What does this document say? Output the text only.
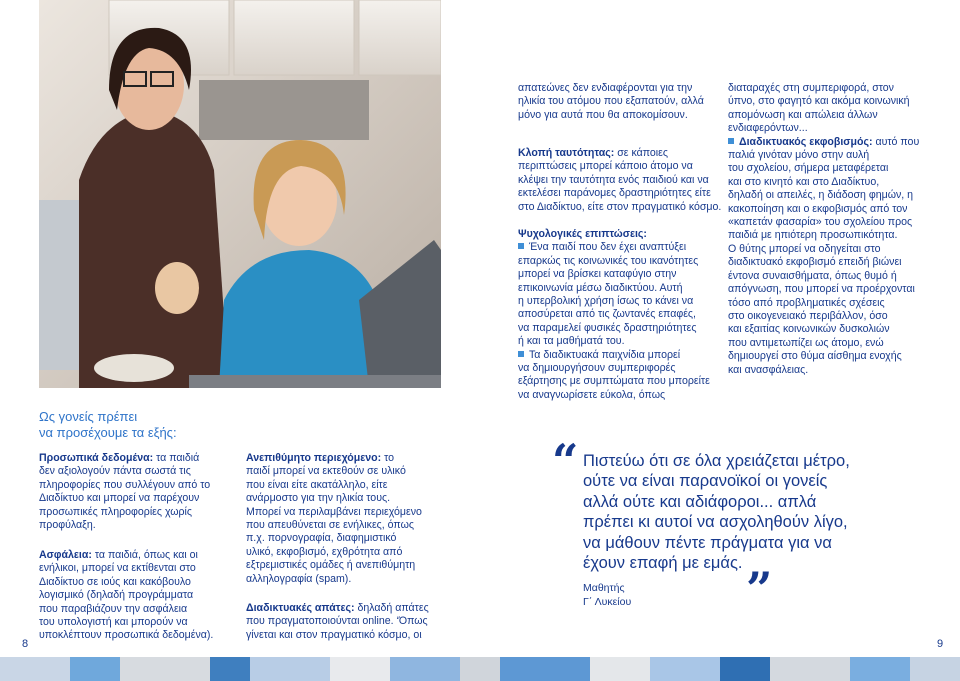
Ως γονείς πρέπει
να προσέχουμε τα εξής:
Προσωπικά δεδομένα: τα παιδιά
δεν αξιολογούν πάντα σωστά τις
πληροφορίες που συλλέγουν από το
Διαδίκτυο και μπορεί να παρέχουν
προσωπικές πληροφορίες χωρίς
προφύλαξη.
Ασφάλεια: τα παιδιά, όπως και οι
ενήλικοι, μπορεί να εκτίθενται στο
Διαδίκτυο σε ιούς και κακόβουλο
λογισμικό (δηλαδή προγράμματα
που παραβιάζουν την ασφάλεια
του υπολογιστή και μπορούν να
υποκλέπτουν προσωπικά δεδομένα).
Ανεπιθύμητο περιεχόμενο: το
παιδί μπορεί να εκτεθούν σε υλικό
που είναι είτε ακατάλληλο, είτε
ανάρμοστο για την ηλικία τους.
Μπορεί να περιλαμβάνει περιεχόμενο
που απευθύνεται σε ενήλικες, όπως
π.χ. πορνογραφία, διαφημιστικό
υλικό, εκφοβισμό, εχθρότητα από
εξτρεμιστικές ομάδες ή ανεπιθύμητη
αλληλογραφία (spam).
Διαδικτυακές απάτες: δηλαδή απάτες
που πραγματοποιούνται online. ‘Όπως
γίνεται και στον πραγματικό κόσμο, οι
απατεώνες δεν ενδιαφέρονται για την
ηλικία του ατόμου που εξαπατούν, αλλά
μόνο για αυτά που θα αποκομίσουν.
Κλοπή ταυτότητας: σε κάποιες
περιπτώσεις μπορεί κάποιο άτομο να
κλέψει την ταυτότητα ενός παιδιού και να
εκτελέσει παράνομες δραστηριότητες είτε
στο Διαδίκτυο, είτε στον πραγματικό κόσμο.
Ψυχολογικές επιπτώσεις:
Ένα παιδί που δεν έχει αναπτύξει
επαρκώς τις κοινωνικές του ικανότητες
μπορεί να βρίσκει καταφύγιο στην
επικοινωνία μέσω διαδικτύου. Αυτή
η υπερβολική χρήση ίσως το κάνει να
αποσύρεται από τις ζωντανές επαφές,
να παραμελεί φυσικές δραστηριότητες
ή και τα μαθήματά του.
Τα διαδικτυακά παιχνίδια μπορεί
να δημιουργήσουν συμπεριφορές
εξάρτησης με συμπτώματα που μπορείτε
να αναγνωρίσετε εύκολα, όπως
διαταραχές στη συμπεριφορά, στον
ύπνο, στο φαγητό και ακόμα κοινωνική
απομόνωση και απώλεια άλλων
ενδιαφερόντων...
Διαδικτυακός εκφοβισμός: αυτό που
παλιά γινόταν μόνο στην αυλή
του σχολείου, σήμερα μεταφέρεται
και στο κινητό και στο Διαδίκτυο,
δηλαδή οι απειλές, η διάδοση φημών, η
κακοποίηση και ο εκφοβισμός από τον
«καπετάν φασαρία» του σχολείου προς
παιδιά με ηπιότερη προσωπικότητα.
Ο θύτης μπορεί να οδηγείται στο
διαδικτυακό εκφοβισμό επειδή βιώνει
έντονα συναισθήματα, όπως θυμό ή
απόγνωση, που μπορεί να προέρχονται
τόσο από προβληματικές σχέσεις
στο οικογενειακό περιβάλλον, όσο
και εξαιτίας κοινωνικών δυσκολιών
που αντιμετωπίζει ως άτομο, ενώ
δημιουργεί στο θύμα αίσθημα ενοχής
και ανασφάλειας.
“ Πιστεύω ότι σε όλα χρειάζεται μέτρο,
ούτε να είναι παρανοϊκοί οι γονείς
αλλά ούτε και αδιάφοροι... απλά
πρέπει κι αυτοί να ασχοληθούν λίγο,
να μάθουν πέντε πράγματα για να
έχουν επαφή με εμάς. ”
Μαθητής
Γ΄ Λυκείου
8	9
